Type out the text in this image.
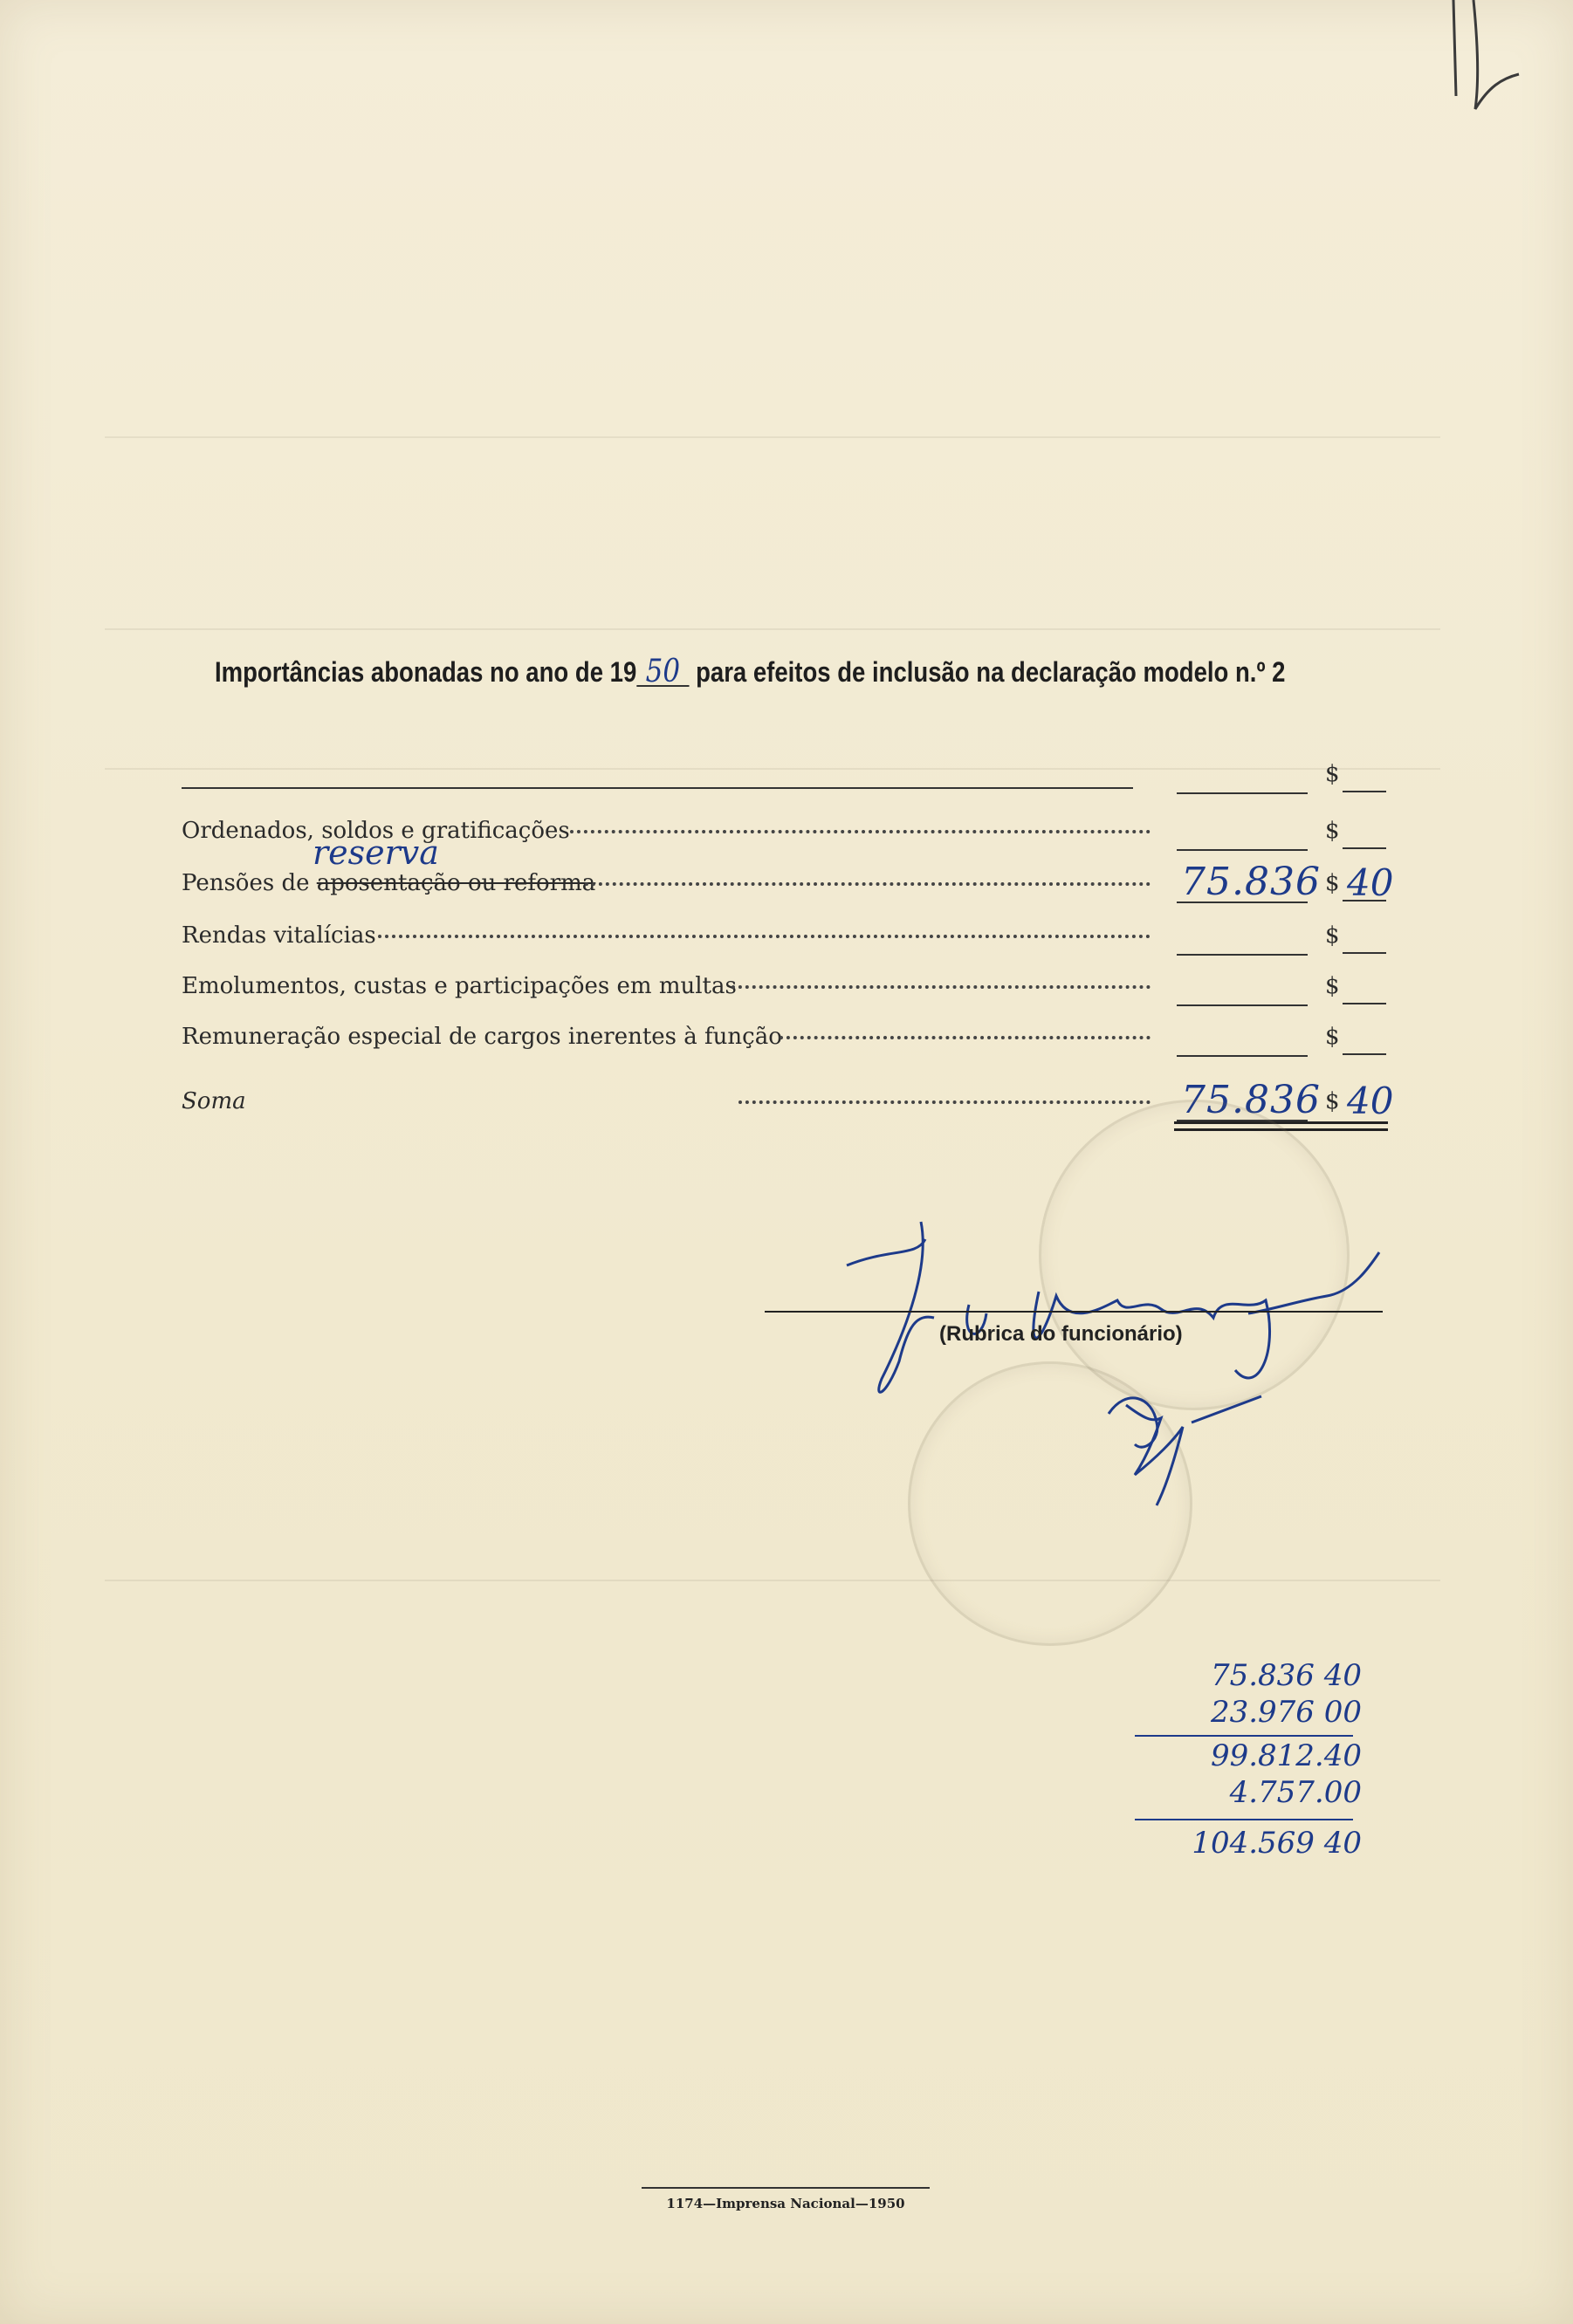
Importâncias abonadas no ano de 19 50 para efeitos de inclusão na declaração modelo n.º 2
$
Ordenados, soldos e gratificações	$
reserva
Pensões de aposentação ou reforma	75.836 $ 40
Rendas vitalícias	$
Emolumentos, custas e participações em multas	$
Remuneração especial de cargos inerentes à função	$
Soma	75.836 $ 40
(Rubrica do funcionário)
75.836 40
23.976 00
99.812.40
4.757.00
104.569 40
1174—Imprensa Nacional—1950
